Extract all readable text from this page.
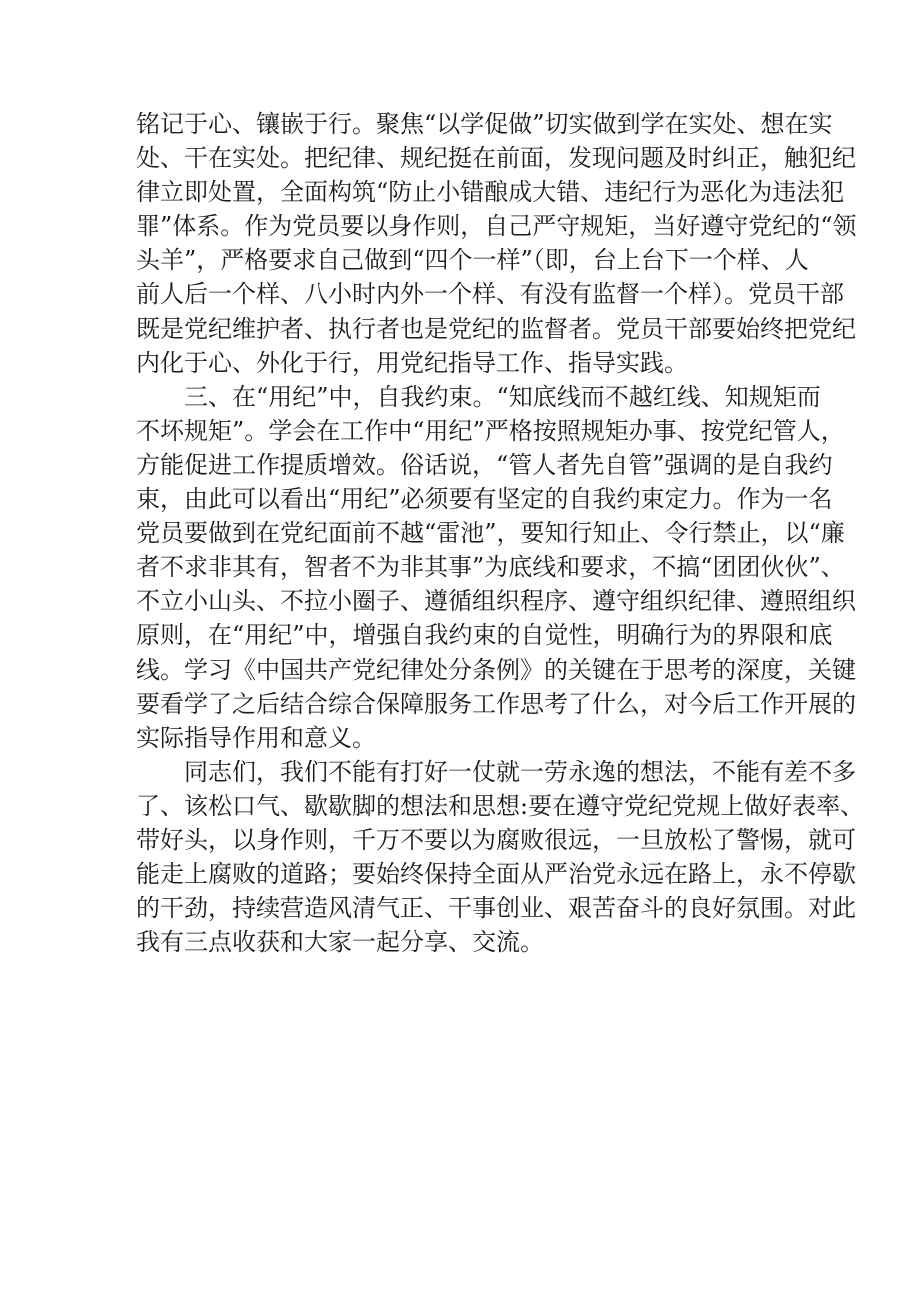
铭记于心、镶嵌于行。聚焦“以学促做”切实做到学在实处、想在实
处、干在实处。把纪律、规纪挺在前面，发现问题及时纠正，触犯纪
律立即处置，全面构筑“防止小错酿成大错、违纪行为恶化为违法犯
罪”体系。作为党员要以身作则，自己严守规矩，当好遵守党纪的“领
头羊”，严格要求自己做到“四个一样”（即，台上台下一个样、人
前人后一个样、八小时内外一个样、有没有监督一个样）。党员干部
既是党纪维护者、执行者也是党纪的监督者。党员干部要始终把党纪
内化于心、外化于行，用党纪指导工作、指导实践。
三、在“用纪”中，自我约束。“知底线而不越红线、知规矩而
不坏规矩”。学会在工作中“用纪”严格按照规矩办事、按党纪管人，
方能促进工作提质增效。俗话说，“管人者先自管”强调的是自我约
束，由此可以看出“用纪”必须要有坚定的自我约束定力。作为一名
党员要做到在党纪面前不越“雷池”，要知行知止、令行禁止，以“廉
者不求非其有，智者不为非其事”为底线和要求，不搞“团团伙伙”、
不立小山头、不拉小圈子、遵循组织程序、遵守组织纪律、遵照组织
原则，在“用纪”中，增强自我约束的自觉性，明确行为的界限和底
线。学习《中国共产党纪律处分条例》的关键在于思考的深度，关键
要看学了之后结合综合保障服务工作思考了什么，对今后工作开展的
实际指导作用和意义。
同志们，我们不能有打好一仗就一劳永逸的想法，不能有差不多
了、该松口气、歇歇脚的想法和思想:要在遵守党纪党规上做好表率、
带好头，以身作则，千万不要以为腐败很远，一旦放松了警惕，就可
能走上腐败的道路；要始终保持全面从严治党永远在路上，永不停歇
的干劲，持续营造风清气正、干事创业、艰苦奋斗的良好氛围。对此
我有三点收获和大家一起分享、交流。
